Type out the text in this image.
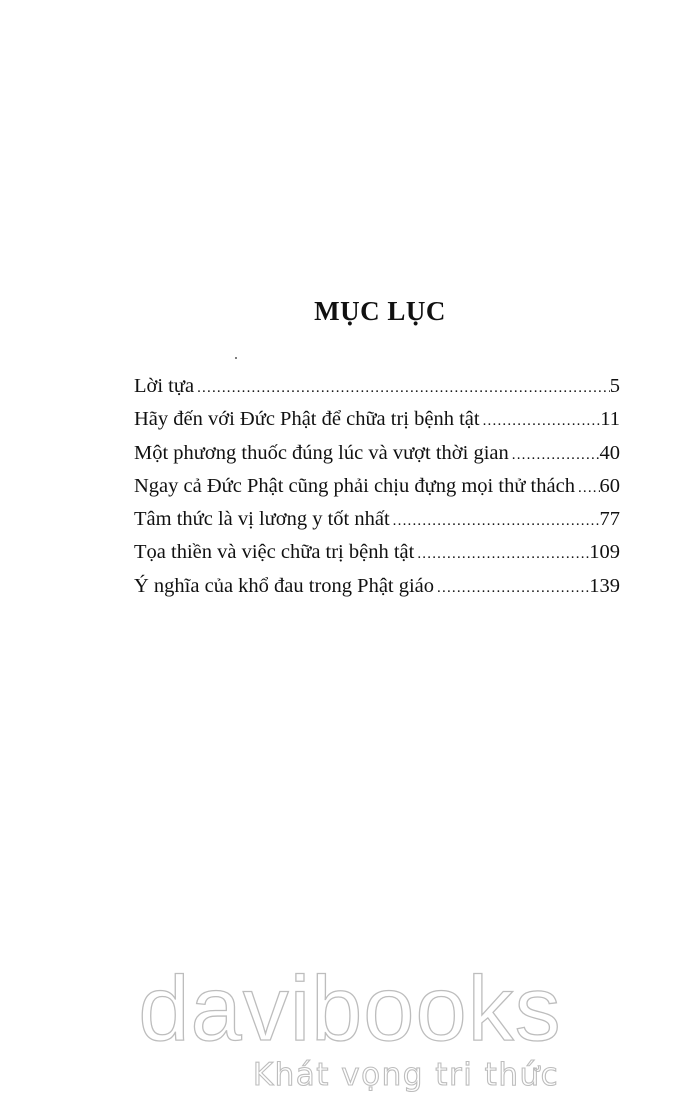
MỤC LỤC
Lời tựa .....	5
Hãy đến với Đức Phật để chữa trị bệnh tật .....	11
Một phương thuốc đúng lúc và vượt thời gian .....	40
Ngay cả Đức Phật cũng phải chịu đựng mọi thử thách ..... 60
Tâm thức là vị lương y tốt nhất .....	77
Tọa thiền và việc chữa trị bệnh tật .....	109
Ý nghĩa của khổ đau trong Phật giáo .....	139
davibooks
Khát vọng tri thức
